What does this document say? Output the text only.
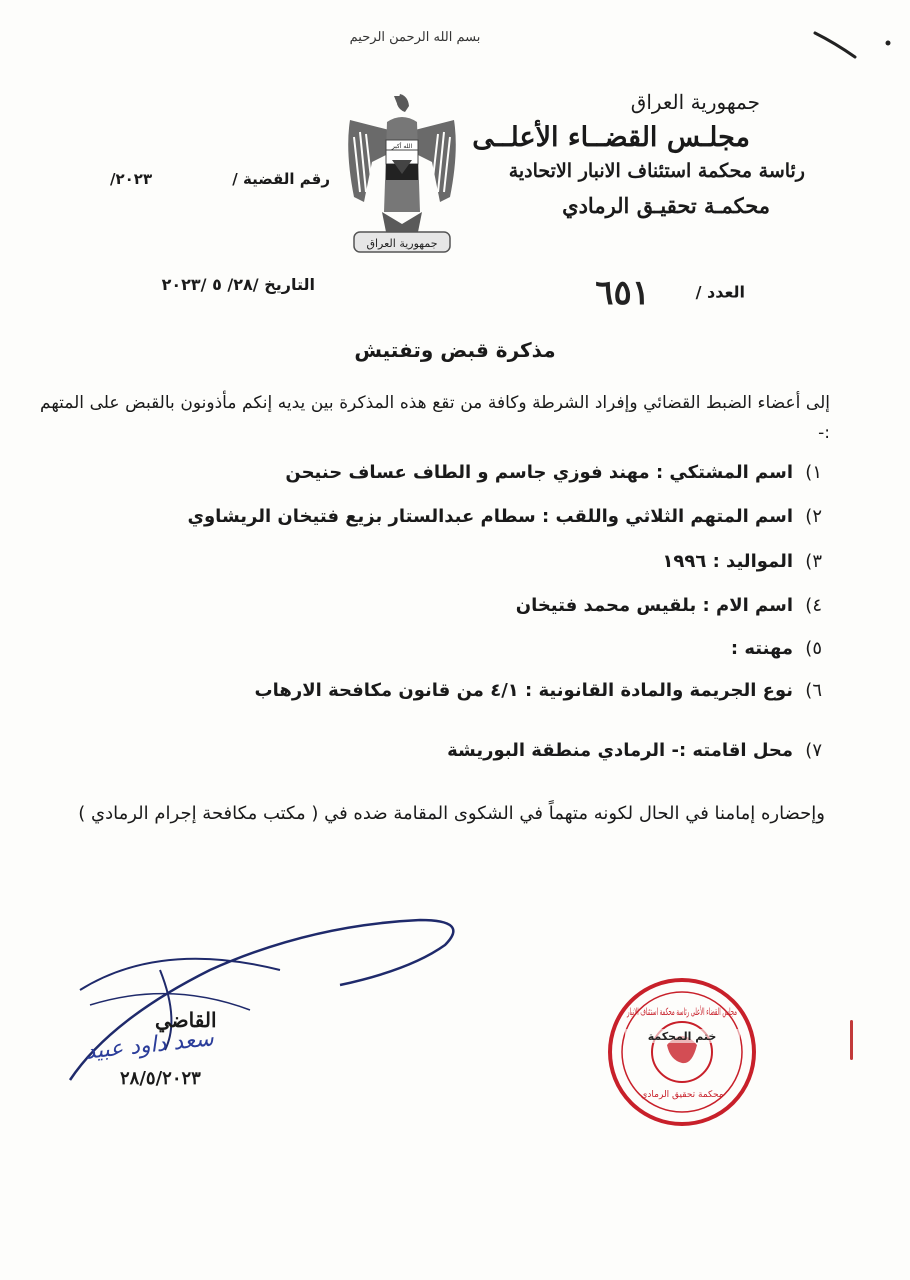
بسم الله الرحمن الرحيم
جمهورية العراق
مجلـس القضــاء الأعلــى
رئاسة محكمة استئناف الانبار الاتحادية
محكمـة تحقيـق الرمادي
الله أكبر
جمهورية العراق
رقم القضية /
٢٠٢٣/
التاريخ /٢٨/ ٥ /٢٠٢٣	العدد / ٦٥١
مذكرة قبض وتفتيش
إلى أعضاء الضبط القضائي وإفراد الشرطة وكافة من تقع هذه المذكرة بين يديه إنكم مأذونون بالقبض على المتهم :-
١) اسم المشتكي : مهند فوزي جاسم و الطاف عساف حنيحن
٢) اسم المتهم الثلاثي واللقب : سطام عبدالستار بزيع فتيخان الريشاوي
٣) المواليد : ١٩٩٦
٤) اسم الام : بلقيس محمد فتيخان
٥) مهنته :
٦) نوع الجريمة والمادة القانونية : ٤/١ من قانون مكافحة الارهاب
٧) محل اقامته :- الرمادي منطقة البوريشة
وإحضاره إمامنا في الحال لكونه متهماً في الشكوى المقامة ضده في ( مكتب مكافحة إجرام الرمادي )
القاضي
سعد داود عبيد
٢٨/٥/٢٠٢٣
مجلس القضاء الأعلى رئاسة محكمة استئناف الانبار
ختم المحكمة
محكمة تحقيق الرمادي
